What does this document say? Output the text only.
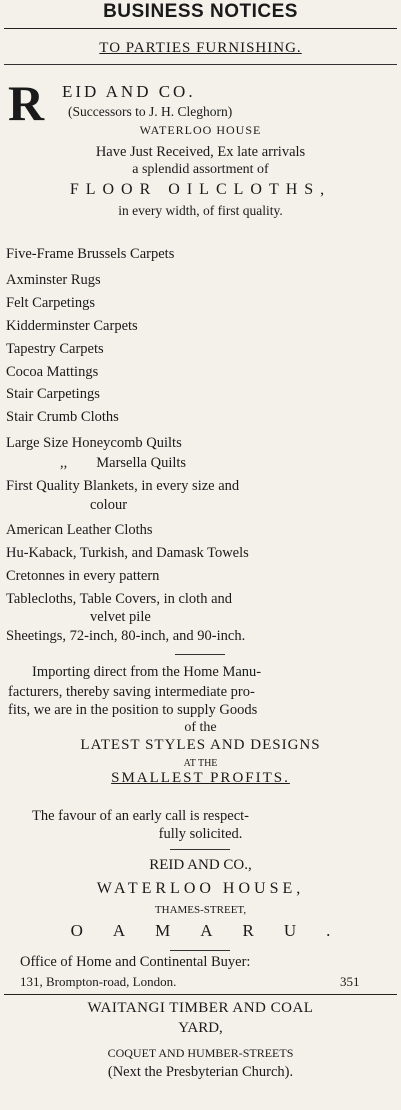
BUSINESS NOTICES
TO PARTIES FURNISHING.
R EID AND CO.
(Successors to J. H. Cleghorn)
WATERLOO HOUSE
Have Just Received, Ex late arrivals
a splendid assortment of
FLOOR OILCLOTHS,
in every width, of first quality.
Five-Frame Brussels Carpets
Axminster Rugs
Felt Carpetings
Kidderminster Carpets
Tapestry Carpets
Cocoa Mattings
Stair Carpetings
Stair Crumb Cloths
Large Size Honeycomb Quilts
,,        Marsella Quilts
First Quality Blankets, in every size and
colour
American Leather Cloths
Hu-Kaback, Turkish, and Damask Towels
Cretonnes in every pattern
Tablecloths, Table Covers, in cloth and
velvet pile
Sheetings, 72-inch, 80-inch, and 90-inch.
Importing direct from the Home Manu-
facturers, thereby saving intermediate pro-
fits, we are in the position to supply Goods
of the
LATEST STYLES AND DESIGNS
AT THE
SMALLEST PROFITS.
The favour of an early call is respect-
fully solicited.
REID AND CO.,
WATERLOO HOUSE,
THAMES-STREET,
OAMARU.
Office of Home and Continental Buyer:
131, Brompton-road, London.	351
WAITANGI TIMBER AND COAL
YARD,
COQUET AND HUMBER-STREETS
(Next the Presbyterian Church).
